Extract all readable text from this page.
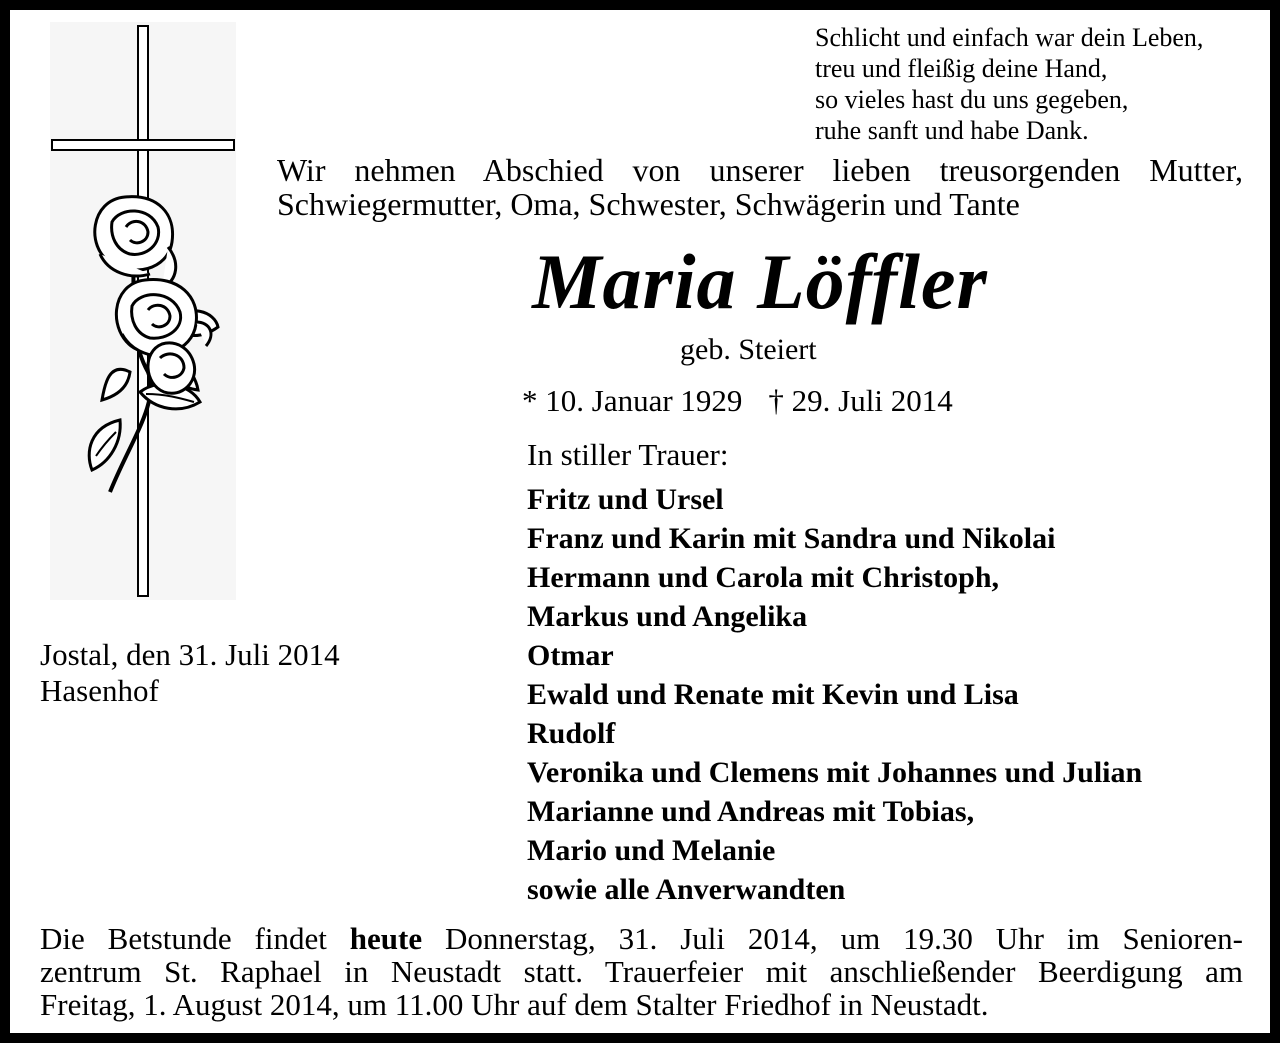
Schlicht und einfach war dein Leben,
treu und fleißig deine Hand,
so vieles hast du uns gegeben,
ruhe sanft und habe Dank.
Wir nehmen Abschied von unserer lieben treusorgenden Mutter,
Schwiegermutter, Oma, Schwester, Schwägerin und Tante
Maria Löffler
geb. Steiert
* 10. Januar 1929 † 29. Juli 2014
In stiller Trauer:
Fritz und Ursel
Franz und Karin mit Sandra und Nikolai
Hermann und Carola mit Christoph,
Markus und Angelika
Otmar
Ewald und Renate mit Kevin und Lisa
Rudolf
Veronika und Clemens mit Johannes und Julian
Marianne und Andreas mit Tobias,
Mario und Melanie
sowie alle Anverwandten
Jostal, den 31. Juli 2014
Hasenhof
Die Betstunde findet heute Donnerstag, 31. Juli 2014, um 19.30 Uhr im Senioren-
zentrum St. Raphael in Neustadt statt. Trauerfeier mit anschließender Beerdigung am
Freitag, 1. August 2014, um 11.00 Uhr auf dem Stalter Friedhof in Neustadt.
